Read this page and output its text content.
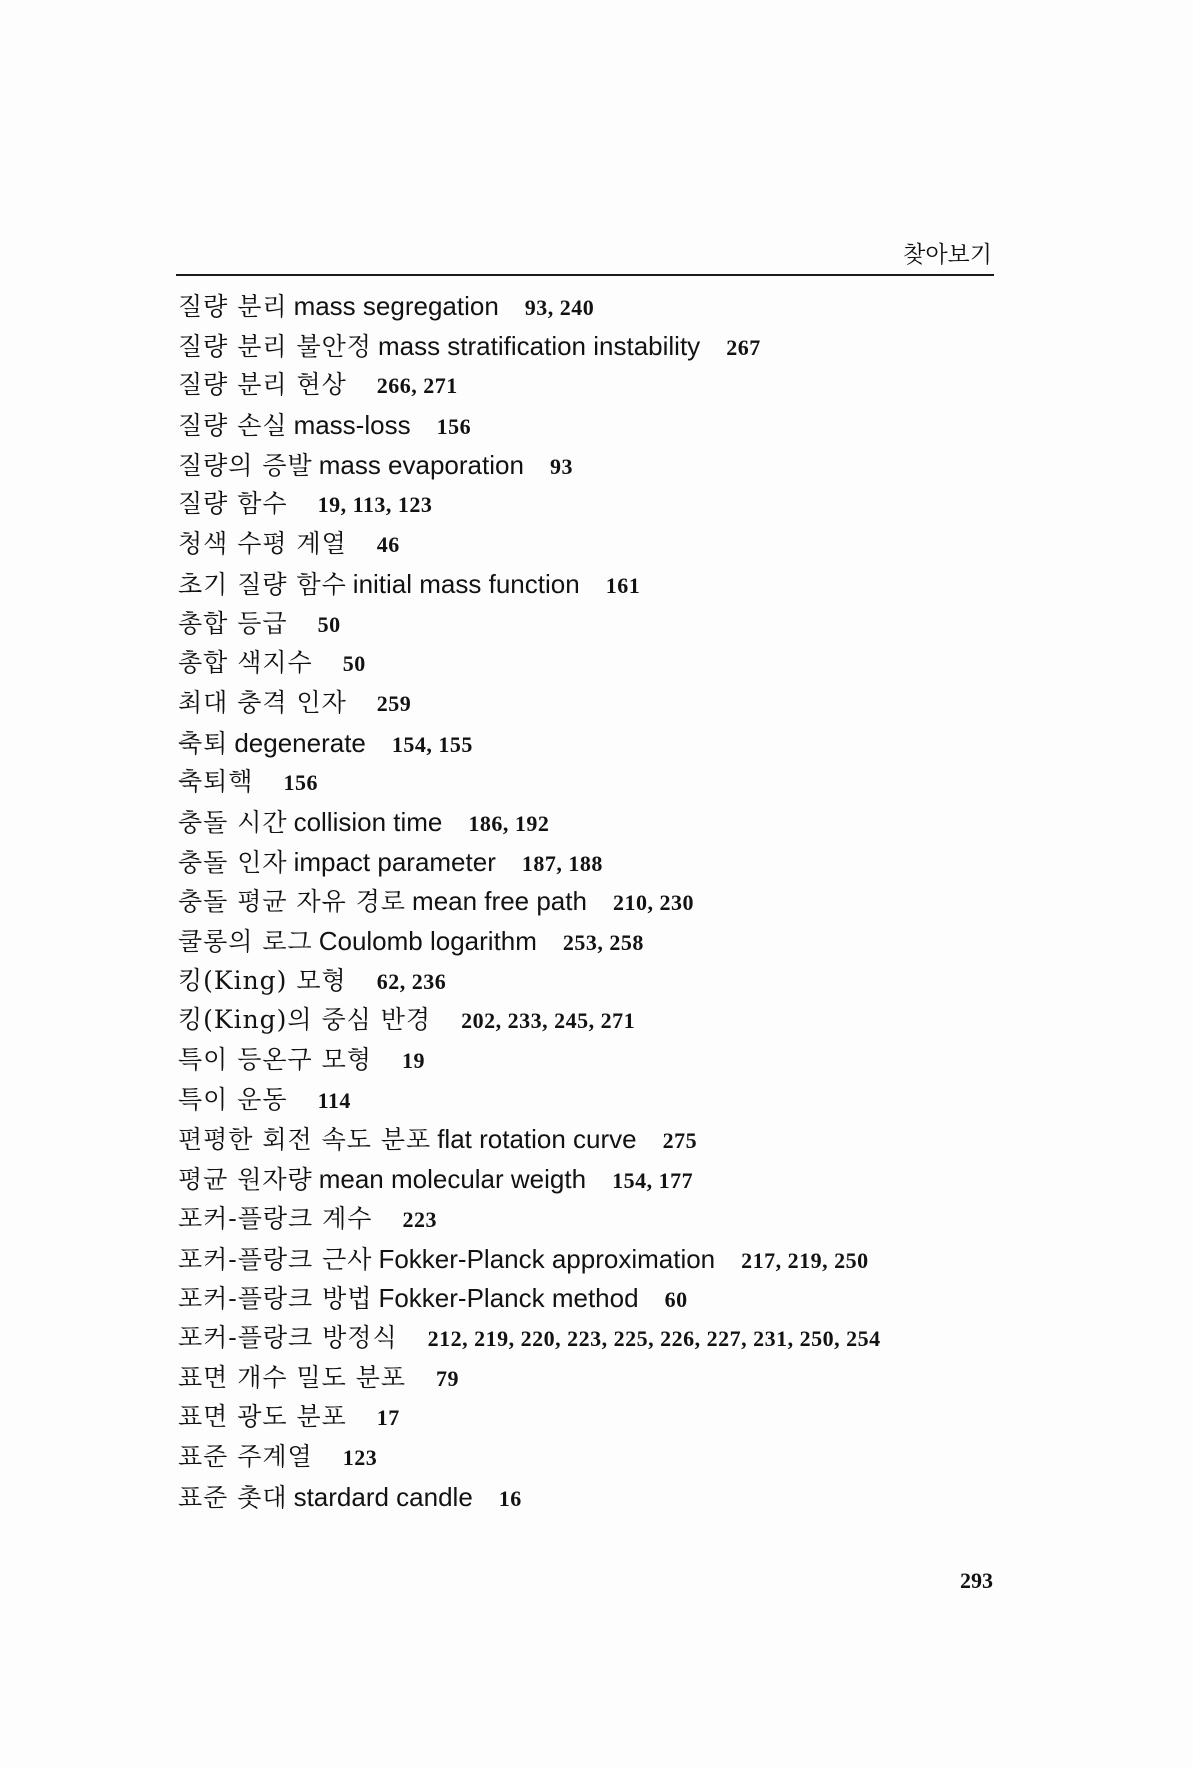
찾아보기
질량 분리 mass segregation 93, 240
질량 분리 불안정 mass stratification instability 267
질량 분리 현상 266, 271
질량 손실 mass-loss 156
질량의 증발 mass evaporation 93
질량 함수 19, 113, 123
청색 수평 계열 46
초기 질량 함수 initial mass function 161
총합 등급 50
총합 색지수 50
최대 충격 인자 259
축퇴 degenerate 154, 155
축퇴핵 156
충돌 시간 collision time 186, 192
충돌 인자 impact parameter 187, 188
충돌 평균 자유 경로 mean free path 210, 230
쿨롱의 로그 Coulomb logarithm 253, 258
킹(King) 모형 62, 236
킹(King)의 중심 반경 202, 233, 245, 271
특이 등온구 모형 19
특이 운동 114
편평한 회전 속도 분포 flat rotation curve 275
평균 원자량 mean molecular weigth 154, 177
포커-플랑크 계수 223
포커-플랑크 근사 Fokker-Planck approximation 217, 219, 250
포커-플랑크 방법 Fokker-Planck method 60
포커-플랑크 방정식 212, 219, 220, 223, 225, 226, 227, 231, 250, 254
표면 개수 밀도 분포 79
표면 광도 분포 17
표준 주계열 123
표준 촛대 stardard candle 16
293
